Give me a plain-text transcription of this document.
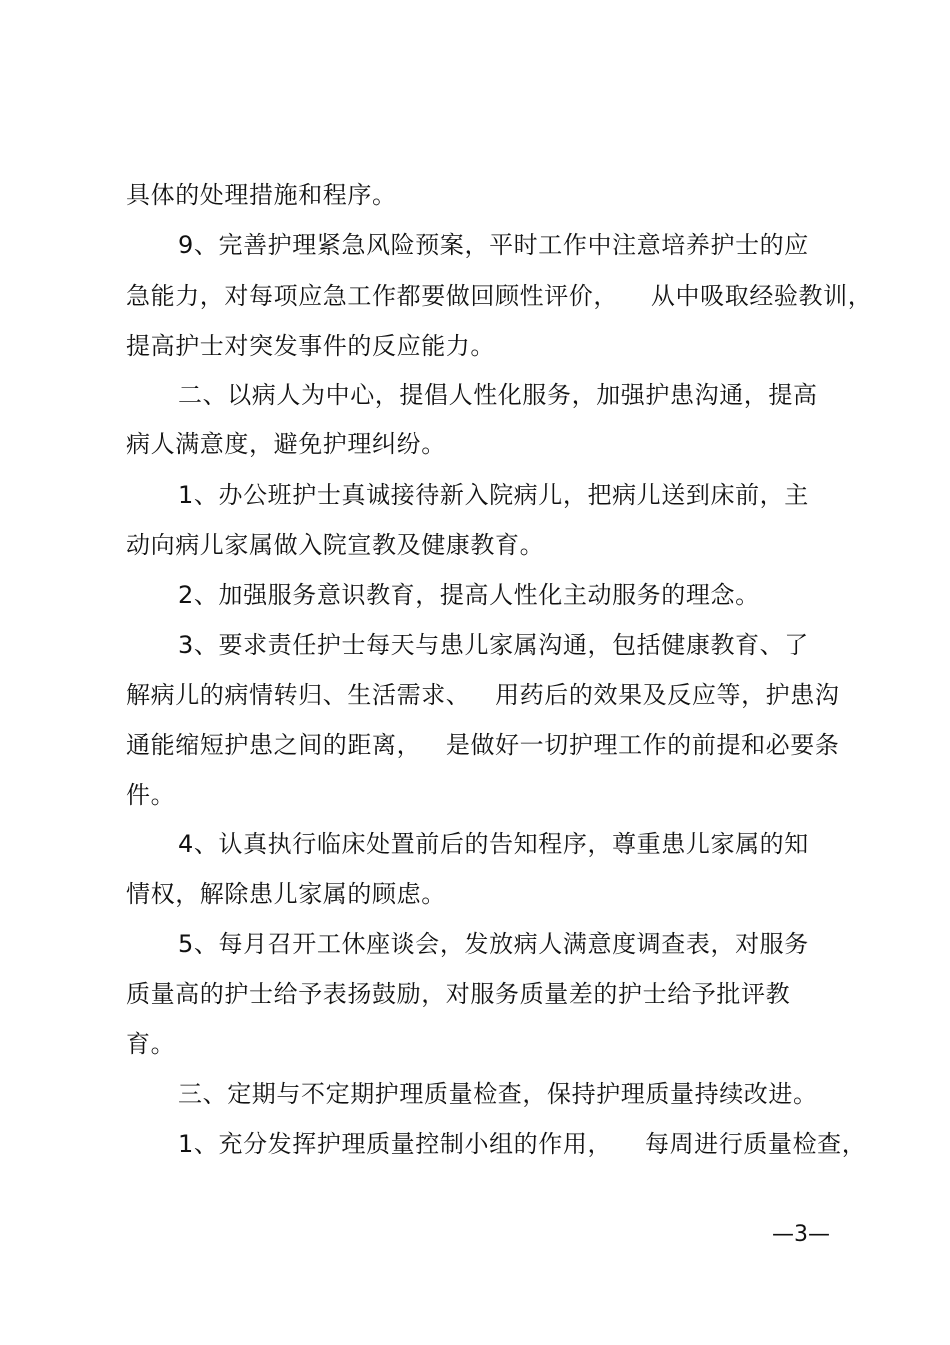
具体的处理措施和程序。
9、完善护理紧急风险预案，平时工作中注意培养护士的应
急能力，对每项应急工作都要做回顾性评价，    从中吸取经验教训，
提高护士对突发事件的反应能力。
二、以病人为中心，提倡人性化服务，加强护患沟通，提高
病人满意度，避免护理纠纷。
1、办公班护士真诚接待新入院病儿，把病儿送到床前，主
动向病儿家属做入院宣教及健康教育。
2、加强服务意识教育，提高人性化主动服务的理念。
3、要求责任护士每天与患儿家属沟通，包括健康教育、了
解病儿的病情转归、生活需求、   用药后的效果及反应等，护患沟
通能缩短护患之间的距离，   是做好一切护理工作的前提和必要条
件。
4、认真执行临床处置前后的告知程序，尊重患儿家属的知
情权，解除患儿家属的顾虑。
5、每月召开工休座谈会，发放病人满意度调查表，对服务
质量高的护士给予表扬鼓励，对服务质量差的护士给予批评教
育。
三、定期与不定期护理质量检查，保持护理质量持续改进。
1、充分发挥护理质量控制小组的作用，    每周进行质量检查，
—3—
